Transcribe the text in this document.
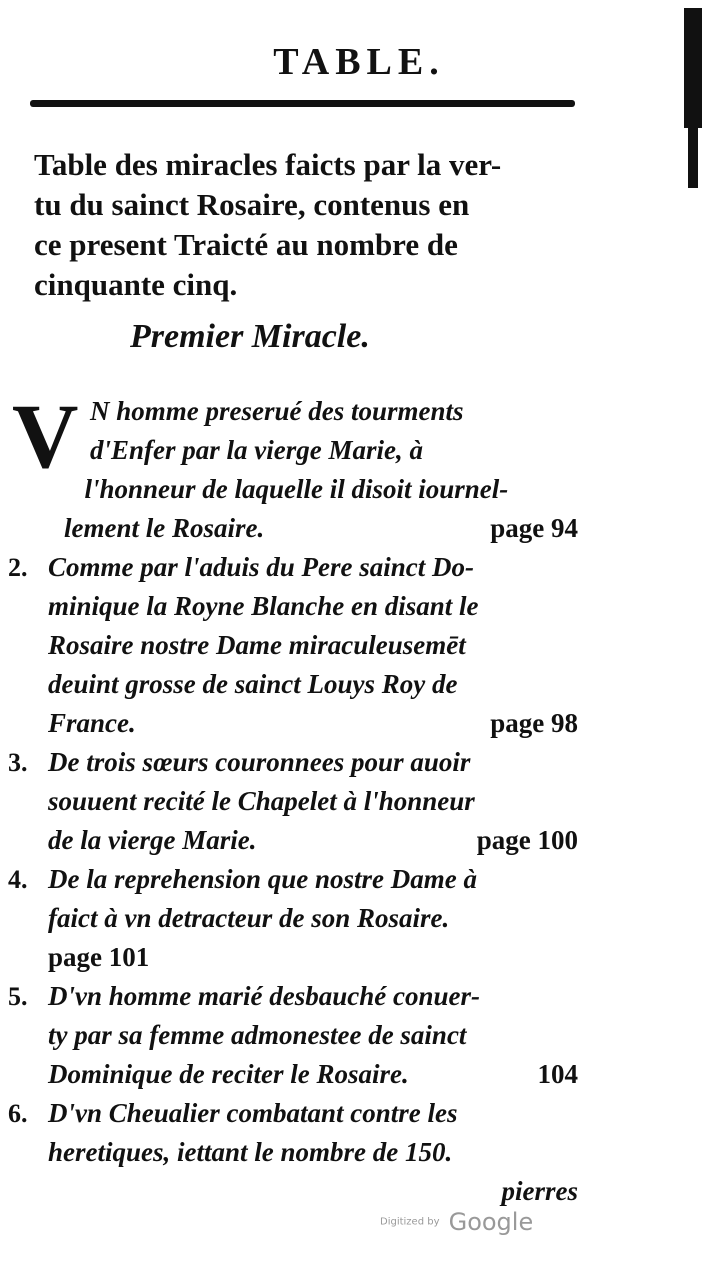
TABLE.
Table des miracles faicts par la ver-
tu du sainct Rosaire, contenus en
ce present Traicté au nombre de
cinquante cinq.
Premier Miracle.
V N homme preserué des tourments
d'Enfer par la vierge Marie, à
l'honneur de laquelle il disoit iournel-
lement le Rosaire.	page 94
2. Comme par l'aduis du Pere sainct Do-
minique la Royne Blanche en disant le
Rosaire nostre Dame miraculeusemēt
deuint grosse de sainct Louys Roy de
France.	page 98
3. De trois sœurs couronnees pour auoir
souuent recité le Chapelet à l'honneur
de la vierge Marie.	page 100
4. De la reprehension que nostre Dame à
faict à vn detracteur de son Rosaire.
page 101
5. D'vn homme marié desbauché conuer-
ty par sa femme admonestee de sainct
Dominique de reciter le Rosaire.	104
6. D'vn Cheualier combatant contre les
heretiques, iettant le nombre de 150.
pierres
Digitized by Google
